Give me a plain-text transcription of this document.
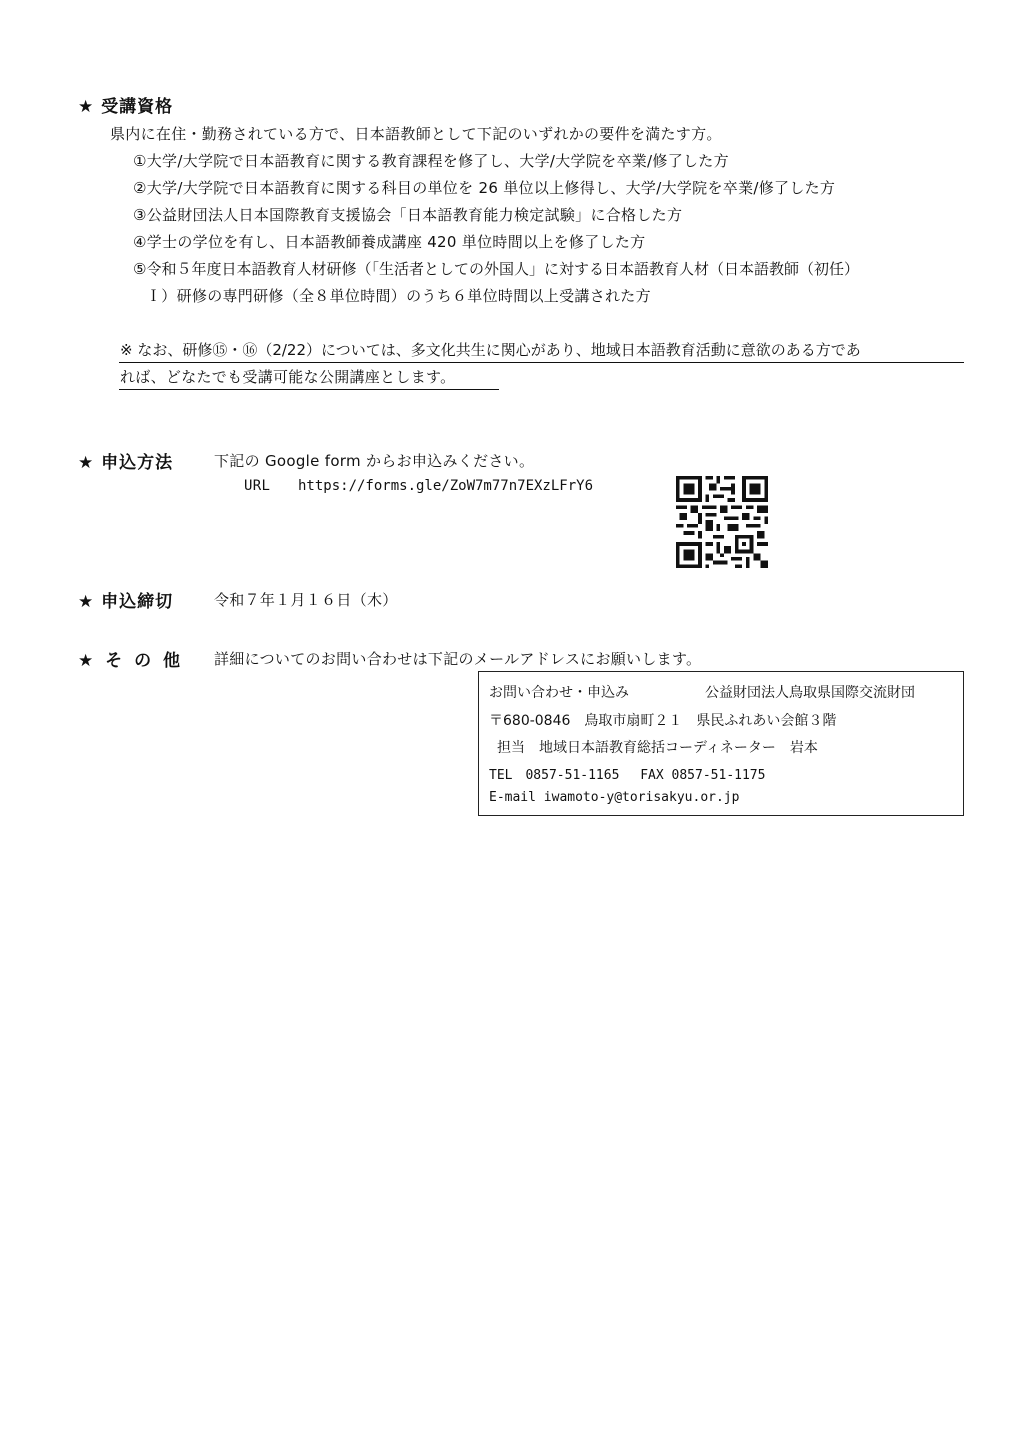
★ 受講資格
県内に在住・勤務されている方で、日本語教師として下記のいずれかの要件を満たす方。
①大学/大学院で日本語教育に関する教育課程を修了し、大学/大学院を卒業/修了した方
②大学/大学院で日本語教育に関する科目の単位を 26 単位以上修得し、大学/大学院を卒業/修了した方
③公益財団法人日本国際教育支援協会「日本語教育能力検定試験」に合格した方
④学士の学位を有し、日本語教師養成講座 420 単位時間以上を修了した方
⑤令和５年度日本語教育人材研修（「生活者としての外国人」に対する日本語教育人材（日本語教師（初任）
Ｉ）研修の専門研修（全８単位時間）のうち６単位時間以上受講された方
※ なお、研修⑮・⑯（2/22）については、多文化共生に関心があり、地域日本語教育活動に意欲のある方であ
れば、どなたでも受講可能な公開講座とします。
★ 申込方法	下記の Google form からお申込みください。
URL https://forms.gle/ZoW7m77n7EXzLFrY6
★ 申込締切	令和７年１月１６日（木）
★ そ の 他 詳細についてのお問い合わせは下記のメールアドレスにお願いします。
お問い合わせ・申込み	公益財団法人鳥取県国際交流財団
〒680-0846　鳥取市扇町２１　県民ふれあい会館３階
担当　地域日本語教育総括コーディネーター　岩本
TEL　0857-51-1165　 FAX 0857-51-1175
E-mail iwamoto-y@torisakyu.or.jp
